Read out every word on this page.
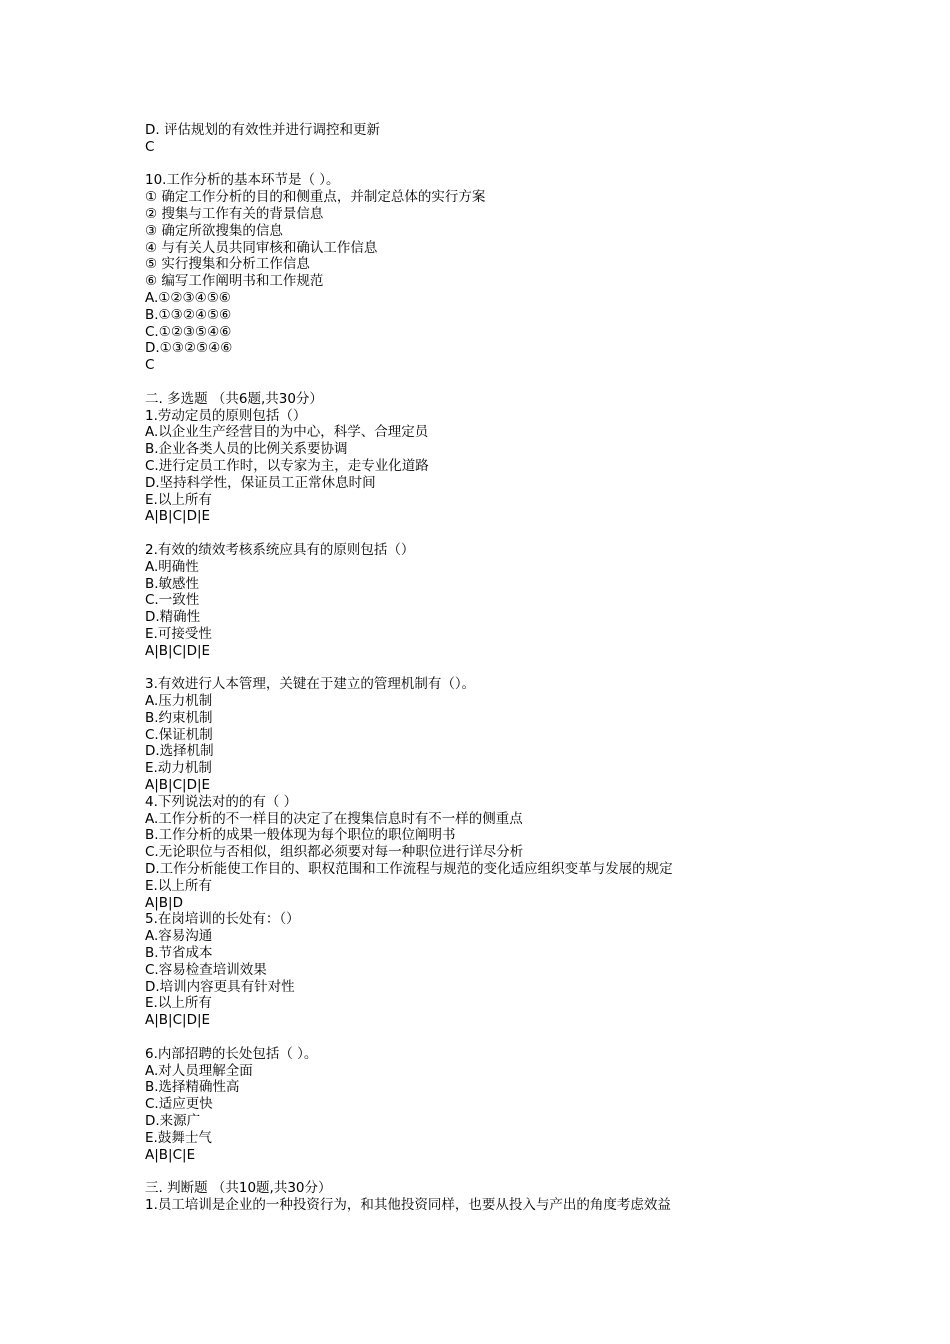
D. 评估规划的有效性并进行调控和更新
C
10.工作分析的基本环节是（ ）。
① 确定工作分析的目的和侧重点，并制定总体的实行方案
② 搜集与工作有关的背景信息
③ 确定所欲搜集的信息
④ 与有关人员共同审核和确认工作信息
⑤ 实行搜集和分析工作信息
⑥ 编写工作阐明书和工作规范
A.①②③④⑤⑥
B.①③②④⑤⑥
C.①②③⑤④⑥
D.①③②⑤④⑥
C
二. 多选题 （共6题,共30分）
1.劳动定员的原则包括（）
A.以企业生产经营目的为中心，科学、合理定员
B.企业各类人员的比例关系要协调
C.进行定员工作时，以专家为主，走专业化道路
D.坚持科学性，保证员工正常休息时间
E.以上所有
A|B|C|D|E
2.有效的绩效考核系统应具有的原则包括（）
A.明确性
B.敏感性
C.一致性
D.精确性
E.可接受性
A|B|C|D|E
3.有效进行人本管理，关键在于建立的管理机制有（）。
A.压力机制
B.约束机制
C.保证机制
D.选择机制
E.动力机制
A|B|C|D|E
4.下列说法对的的有（ ）
A.工作分析的不一样目的决定了在搜集信息时有不一样的侧重点
B.工作分析的成果一般体现为每个职位的职位阐明书
C.无论职位与否相似，组织都必须要对每一种职位进行详尽分析
D.工作分析能使工作目的、职权范围和工作流程与规范的变化适应组织变革与发展的规定
E.以上所有
A|B|D
5.在岗培训的长处有：（）
A.容易沟通
B.节省成本
C.容易检查培训效果
D.培训内容更具有针对性
E.以上所有
A|B|C|D|E
6.内部招聘的长处包括（ ）。
A.对人员理解全面
B.选择精确性高
C.适应更快
D.来源广
E.鼓舞士气
A|B|C|E
三. 判断题 （共10题,共30分）
1.员工培训是企业的一种投资行为，和其他投资同样，也要从投入与产出的角度考虑效益
